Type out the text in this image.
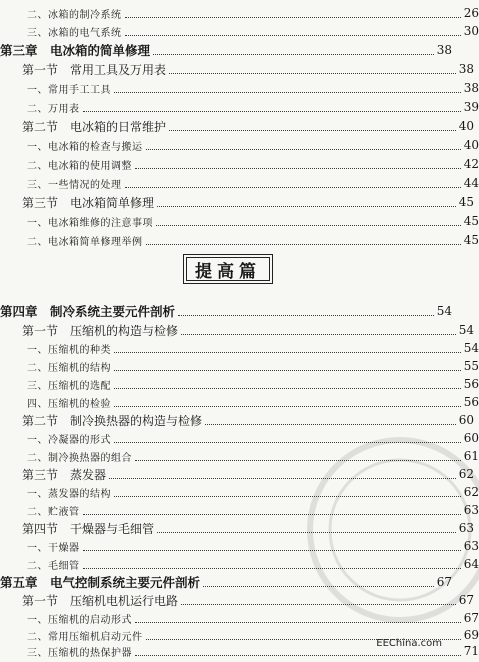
二、冰箱的制冷系统	26
三、冰箱的电气系统	30
第三章　电冰箱的简单修理	38
第一节　常用工具及万用表	38
一、常用手工工具	38
二、万用表	39
第二节　电冰箱的日常维护	40
一、电冰箱的检查与搬运	40
二、电冰箱的使用调整	42
三、一些情况的处理	44
第三节　电冰箱简单修理	45
一、电冰箱维修的注意事项	45
二、电冰箱简单修理举例	45
提高篇
第四章　制冷系统主要元件剖析	54
第一节　压缩机的构造与检修	54
一、压缩机的种类	54
二、压缩机的结构	55
三、压缩机的选配	56
四、压缩机的检验	56
第二节　制冷换热器的构造与检修	60
一、冷凝器的形式	60
二、制冷换热器的组合	61
第三节　蒸发器	62
一、蒸发器的结构	62
二、贮液管	63
第四节　干燥器与毛细管	63
一、干燥器	63
二、毛细管	64
第五章　电气控制系统主要元件剖析	67
第一节　压缩机电机运行电路	67
一、压缩机的启动形式	67
二、常用压缩机启动元件	69
三、压缩机的热保护器	71
EEChina.com
